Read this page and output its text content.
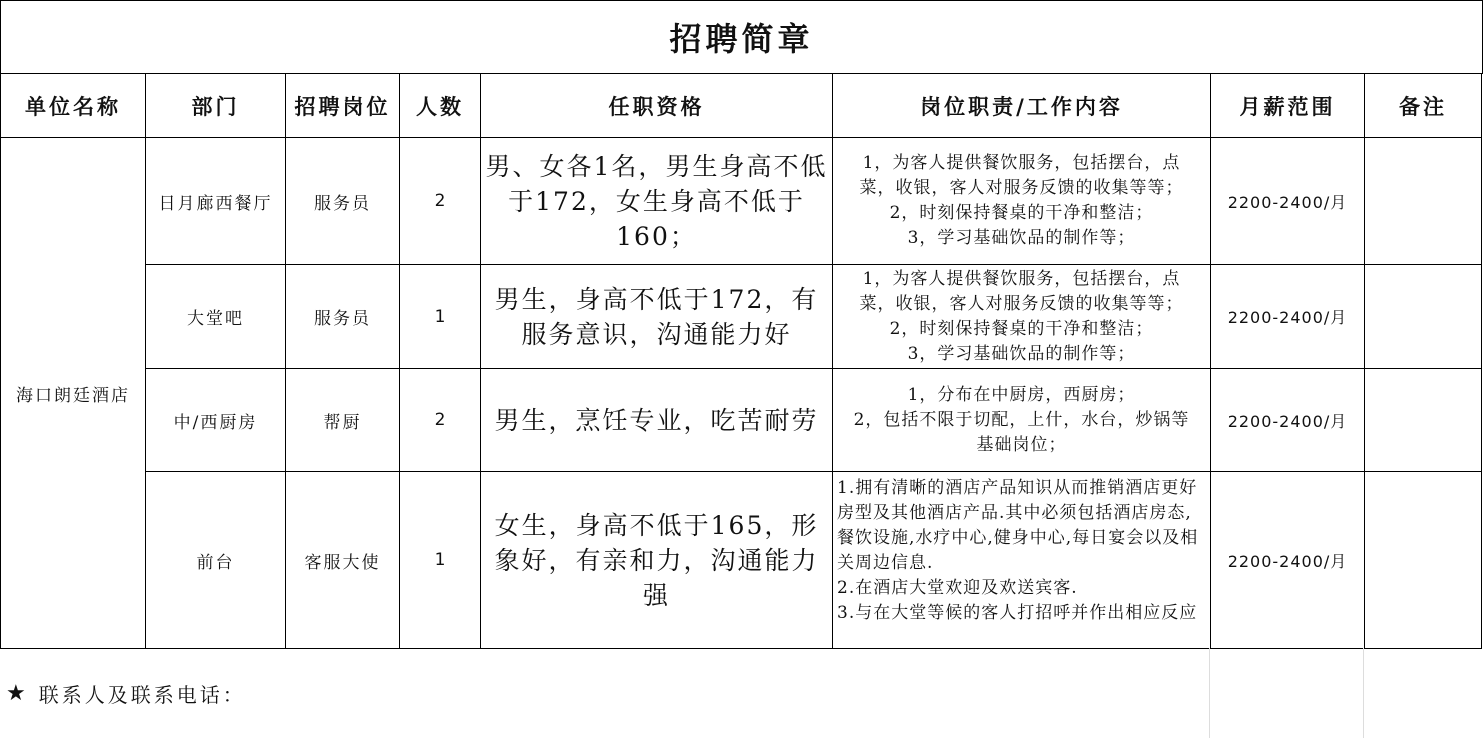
招聘简章
单位名称	部门	招聘岗位	人数	任职资格	岗位职责/工作内容	月薪范围	备注
海口朗廷酒店	日月廊西餐厅	服务员	2	男、女各1名，男生身高不低于172，女生身高不低于160；	1，为客人提供餐饮服务，包括摆台，点
菜，收银，客人对服务反馈的收集等等；
2，时刻保持餐桌的干净和整洁；
3，学习基础饮品的制作等；	2200-2400/月	
	大堂吧	服务员	1	男生，身高不低于172，有服务意识，沟通能力好	1，为客人提供餐饮服务，包括摆台，点
菜，收银，客人对服务反馈的收集等等；
2，时刻保持餐桌的干净和整洁；
3，学习基础饮品的制作等；	2200-2400/月	
	中/西厨房	帮厨	2	男生，烹饪专业，吃苦耐劳	1，分布在中厨房，西厨房；
2，包括不限于切配，上什，水台，炒锅等
基础岗位；	2200-2400/月	
	前台	客服大使	1	女生，身高不低于165，形象好，有亲和力，沟通能力强	1.拥有清晰的酒店产品知识从而推销酒店更好房型及其他酒店产品.其中必须包括酒店房态,餐饮设施,水疗中心,健身中心,每日宴会以及相关周边信息.
2.在酒店大堂欢迎及欢送宾客.
3.与在大堂等候的客人打招呼并作出相应反应	2200-2400/月	
★ 联系人及联系电话：
